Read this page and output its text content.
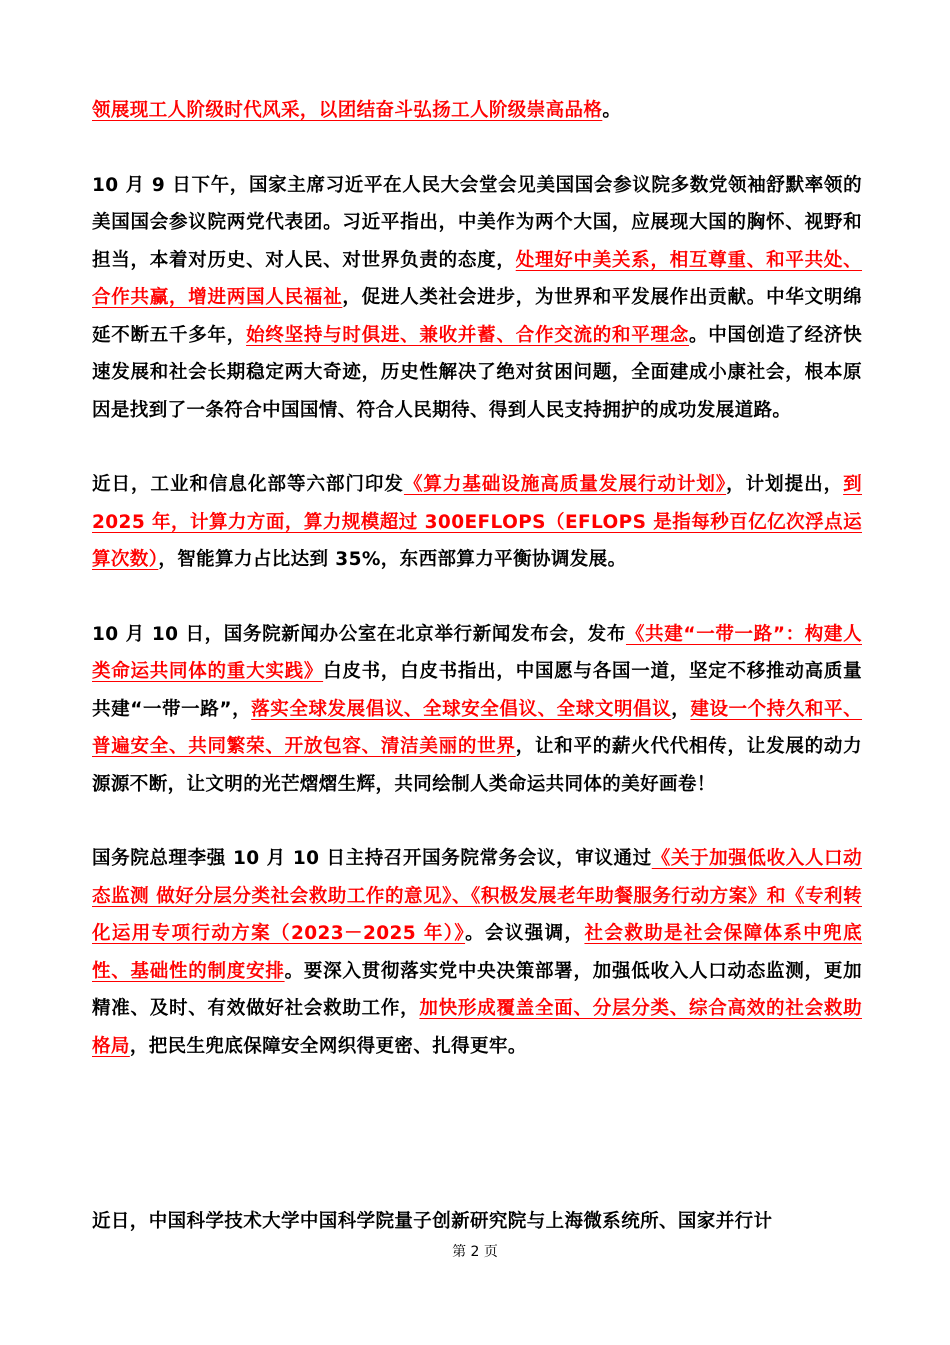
领展现工人阶级时代风采，以团结奋斗弘扬工人阶级崇高品格。

10 月 9 日下午，国家主席习近平在人民大会堂会见美国国会参议院多数党领袖舒默率领的美国国会参议院两党代表团。习近平指出，中美作为两个大国，应展现大国的胸怀、视野和担当，本着对历史、对人民、对世界负责的态度，处理好中美关系，相互尊重、和平共处、合作共赢，增进两国人民福祉，促进人类社会进步，为世界和平发展作出贡献。中华文明绵延不断五千多年，始终坚持与时俱进、兼收并蓄、合作交流的和平理念。中国创造了经济快速发展和社会长期稳定两大奇迹，历史性解决了绝对贫困问题，全面建成小康社会，根本原因是找到了一条符合中国国情、符合人民期待、得到人民支持拥护的成功发展道路。

近日，工业和信息化部等六部门印发《算力基础设施高质量发展行动计划》，计划提出，到 2025 年，计算力方面，算力规模超过 300EFLOPS（EFLOPS 是指每秒百亿亿次浮点运算次数），智能算力占比达到 35%，东西部算力平衡协调发展。

10 月 10 日，国务院新闻办公室在北京举行新闻发布会，发布《共建“一带一路”：构建人类命运共同体的重大实践》白皮书，白皮书指出，中国愿与各国一道，坚定不移推动高质量共建“一带一路”，落实全球发展倡议、全球安全倡议、全球文明倡议，建设一个持久和平、普遍安全、共同繁荣、开放包容、清洁美丽的世界，让和平的薪火代代相传，让发展的动力源源不断，让文明的光芒熠熠生辉，共同绘制人类命运共同体的美好画卷！

国务院总理李强 10 月 10 日主持召开国务院常务会议，审议通过《关于加强低收入人口动态监测 做好分层分类社会救助工作的意见》、《积极发展老年助餐服务行动方案》和《专利转化运用专项行动方案（2023－2025 年）》。会议强调，社会救助是社会保障体系中兜底性、基础性的制度安排。要深入贯彻落实党中央决策部署，加强低收入人口动态监测，更加精准、及时、有效做好社会救助工作，加快形成覆盖全面、分层分类、综合高效的社会救助格局，把民生兜底保障安全网织得更密、扎得更牢。

近日，中国科学技术大学中国科学院量子创新研究院与上海微系统所、国家并行计
第 2 页
